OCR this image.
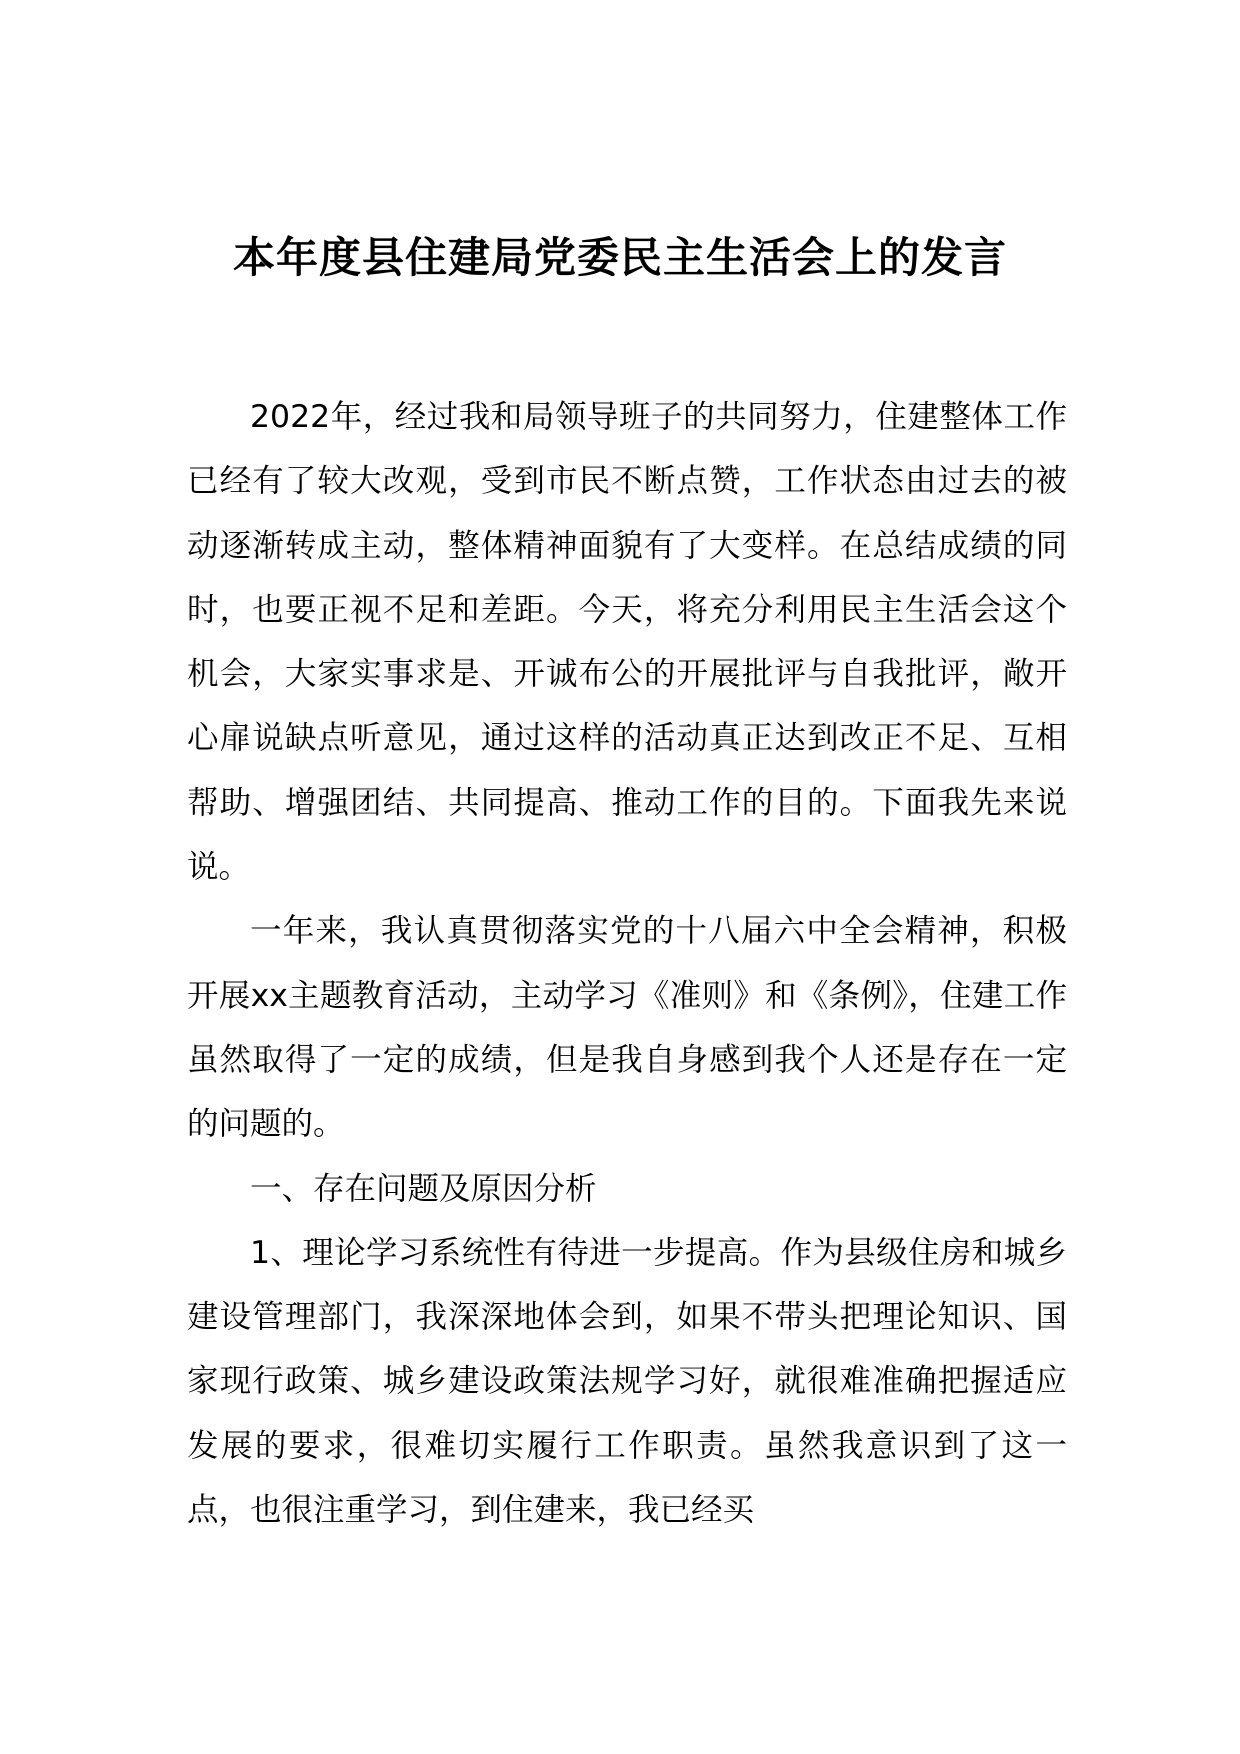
本年度县住建局党委民主生活会上的发言

2022年，经过我和局领导班子的共同努力，住建整体工作已经有了较大改观，受到市民不断点赞，工作状态由过去的被动逐渐转成主动，整体精神面貌有了大变样。在总结成绩的同时，也要正视不足和差距。今天，将充分利用民主生活会这个机会，大家实事求是、开诚布公的开展批评与自我批评，敞开心扉说缺点听意见，通过这样的活动真正达到改正不足、互相帮助、增强团结、共同提高、推动工作的目的。下面我先来说说。

一年来，我认真贯彻落实党的十八届六中全会精神，积极开展xx主题教育活动，主动学习《准则》和《条例》，住建工作虽然取得了一定的成绩，但是我自身感到我个人还是存在一定的问题的。

一、存在问题及原因分析

1、理论学习系统性有待进一步提高。作为县级住房和城乡建设管理部门，我深深地体会到，如果不带头把理论知识、国家现行政策、城乡建设政策法规学习好，就很难准确把握适应发展的要求，很难切实履行工作职责。虽然我意识到了这一点，也很注重学习，到住建来，我已经买
